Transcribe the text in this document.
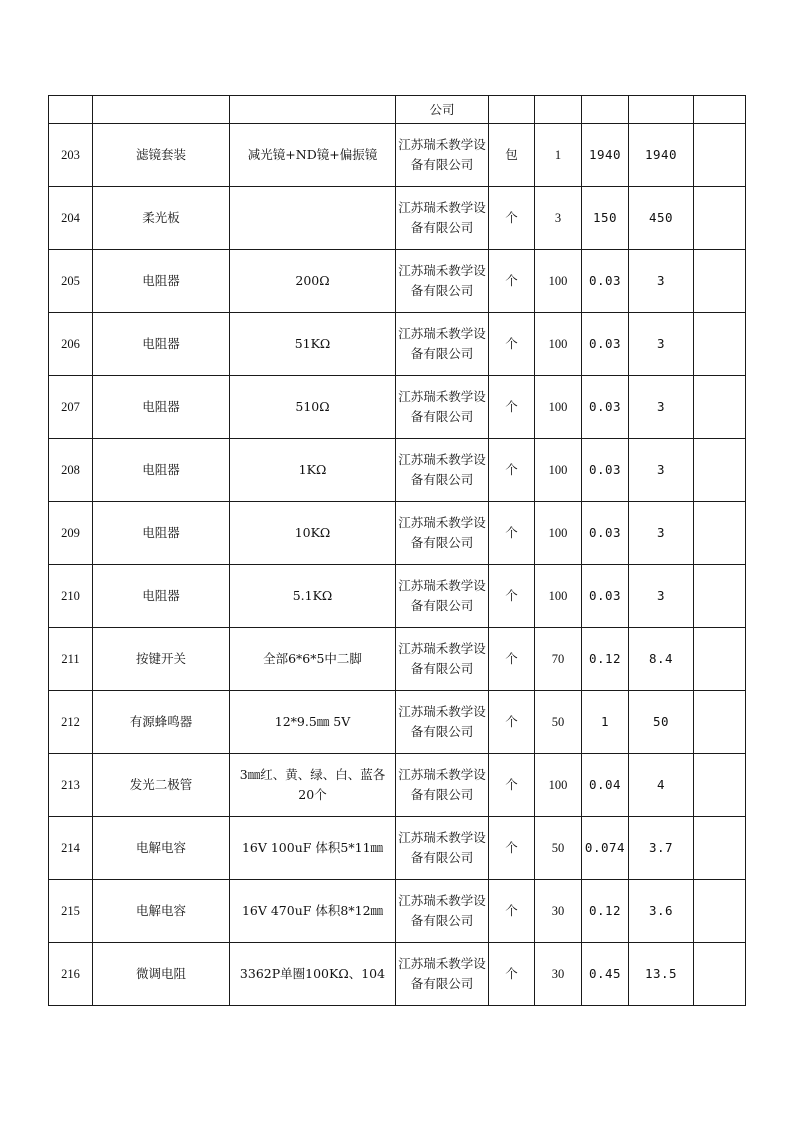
			公司					
203	滤镜套装	减光镜+ND镜+偏振镜	江苏瑞禾教学设备有限公司	包	1	1940	1940	
204	柔光板		江苏瑞禾教学设备有限公司	个	3	150	450	
205	电阻器	200Ω	江苏瑞禾教学设备有限公司	个	100	0.03	3	
206	电阻器	51KΩ	江苏瑞禾教学设备有限公司	个	100	0.03	3	
207	电阻器	510Ω	江苏瑞禾教学设备有限公司	个	100	0.03	3	
208	电阻器	1KΩ	江苏瑞禾教学设备有限公司	个	100	0.03	3	
209	电阻器	10KΩ	江苏瑞禾教学设备有限公司	个	100	0.03	3	
210	电阻器	5.1KΩ	江苏瑞禾教学设备有限公司	个	100	0.03	3	
211	按键开关	全部6*6*5中二脚	江苏瑞禾教学设备有限公司	个	70	0.12	8.4	
212	有源蜂鸣器	12*9.5㎜ 5V	江苏瑞禾教学设备有限公司	个	50	1	50	
213	发光二极管	3㎜红、黄、绿、白、蓝各20个	江苏瑞禾教学设备有限公司	个	100	0.04	4	
214	电解电容	16V 100uF 体积5*11㎜	江苏瑞禾教学设备有限公司	个	50	0.074	3.7	
215	电解电容	16V 470uF 体积8*12㎜	江苏瑞禾教学设备有限公司	个	30	0.12	3.6	
216	微调电阻	3362P单圈100KΩ、104	江苏瑞禾教学设备有限公司	个	30	0.45	13.5	
